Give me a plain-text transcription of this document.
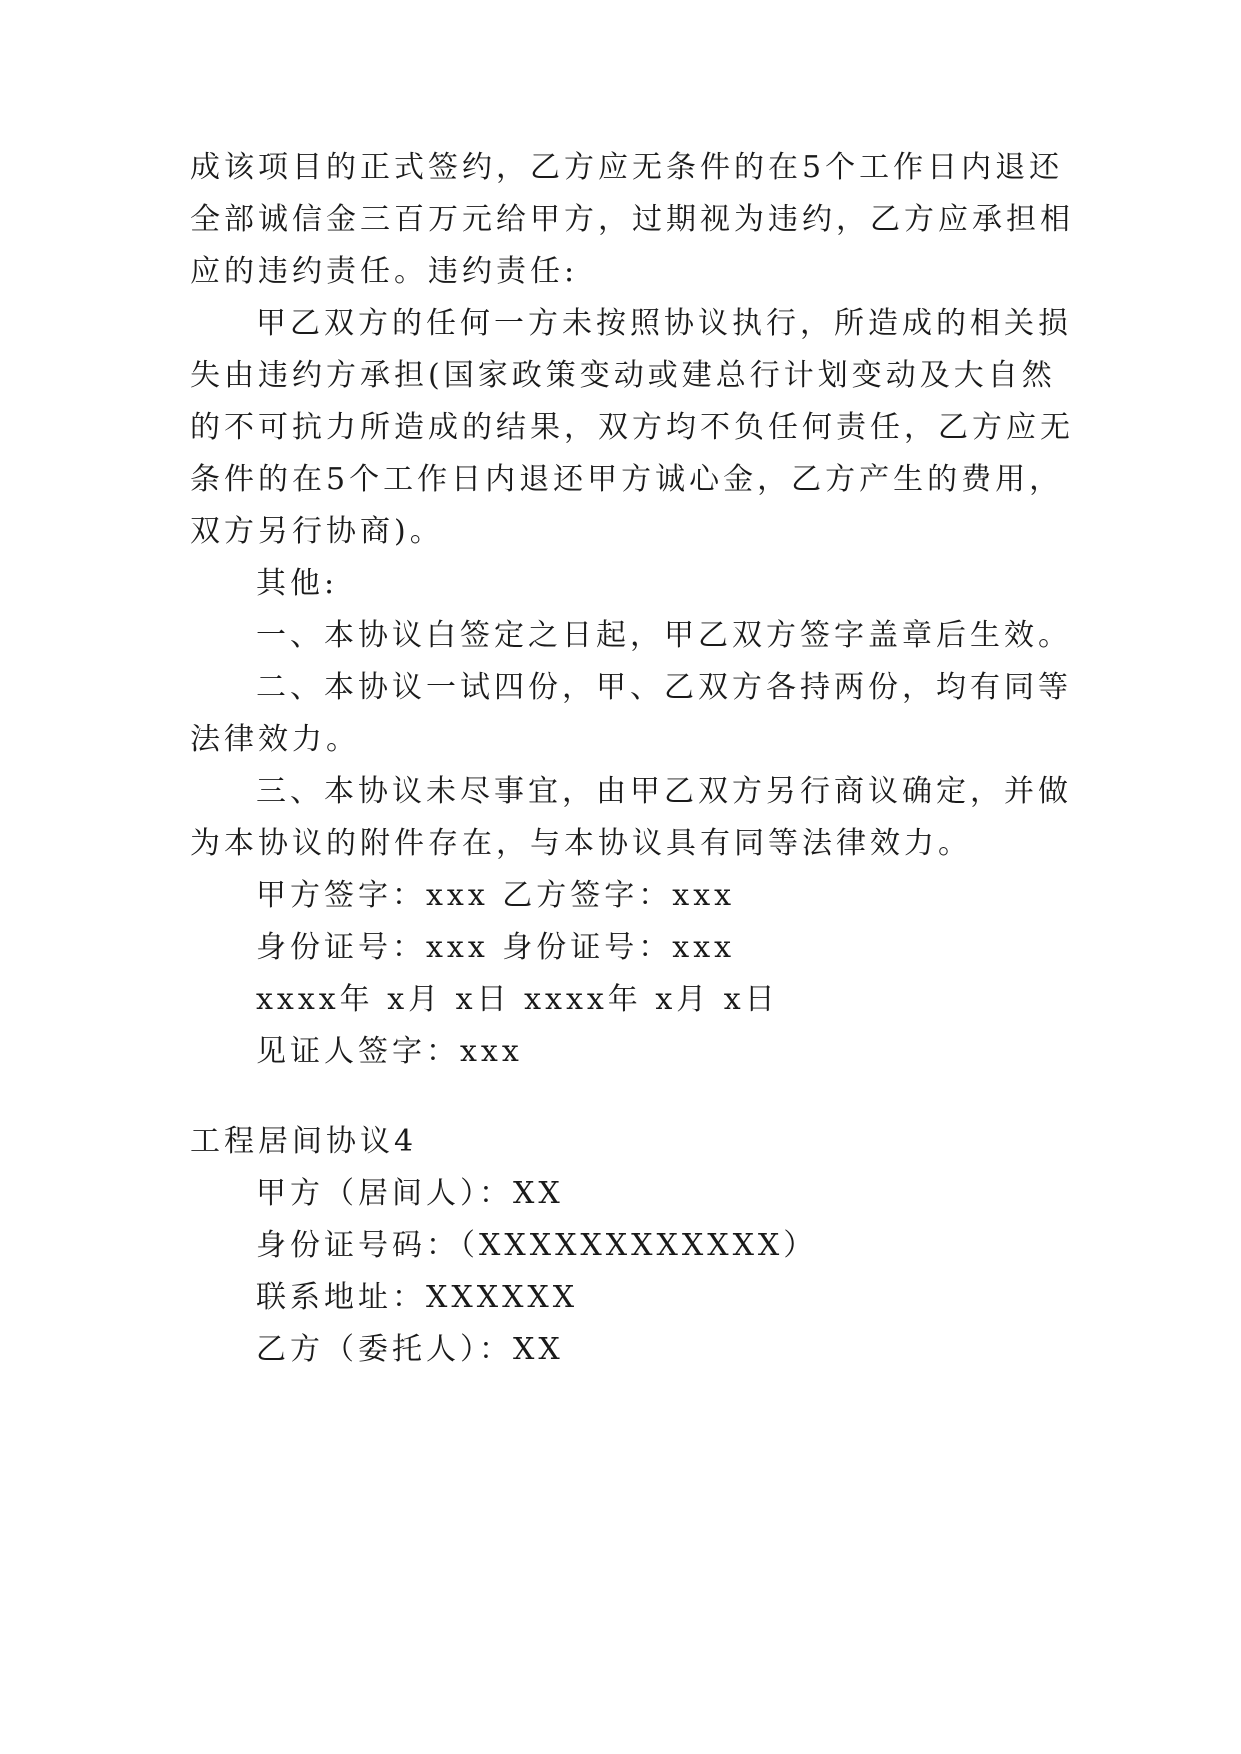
成该项目的正式签约，乙方应无条件的在5个工作日内退还
全部诚信金三百万元给甲方，过期视为违约，乙方应承担相
应的违约责任。违约责任:
甲乙双方的任何一方未按照协议执行，所造成的相关损
失由违约方承担(国家政策变动或建总行计划变动及大自然
的不可抗力所造成的结果，双方均不负任何责任，乙方应无
条件的在5个工作日内退还甲方诚心金，乙方产生的费用，
双方另行协商)。
其他:
一、本协议白签定之日起，甲乙双方签字盖章后生效。
二、本协议一试四份，甲、乙双方各持两份，均有同等
法律效力。
三、本协议未尽事宜，由甲乙双方另行商议确定，并做
为本协议的附件存在，与本协议具有同等法律效力。
甲方签字：xxx 乙方签字：xxx
身份证号：xxx 身份证号：xxx
xxxx年 x月 x日 xxxx年 x月 x日
见证人签字：xxx
工程居间协议4
甲方（居间人）：XX
身份证号码：（XXXXXXXXXXXX）
联系地址：XXXXXX
乙方（委托人）：XX
